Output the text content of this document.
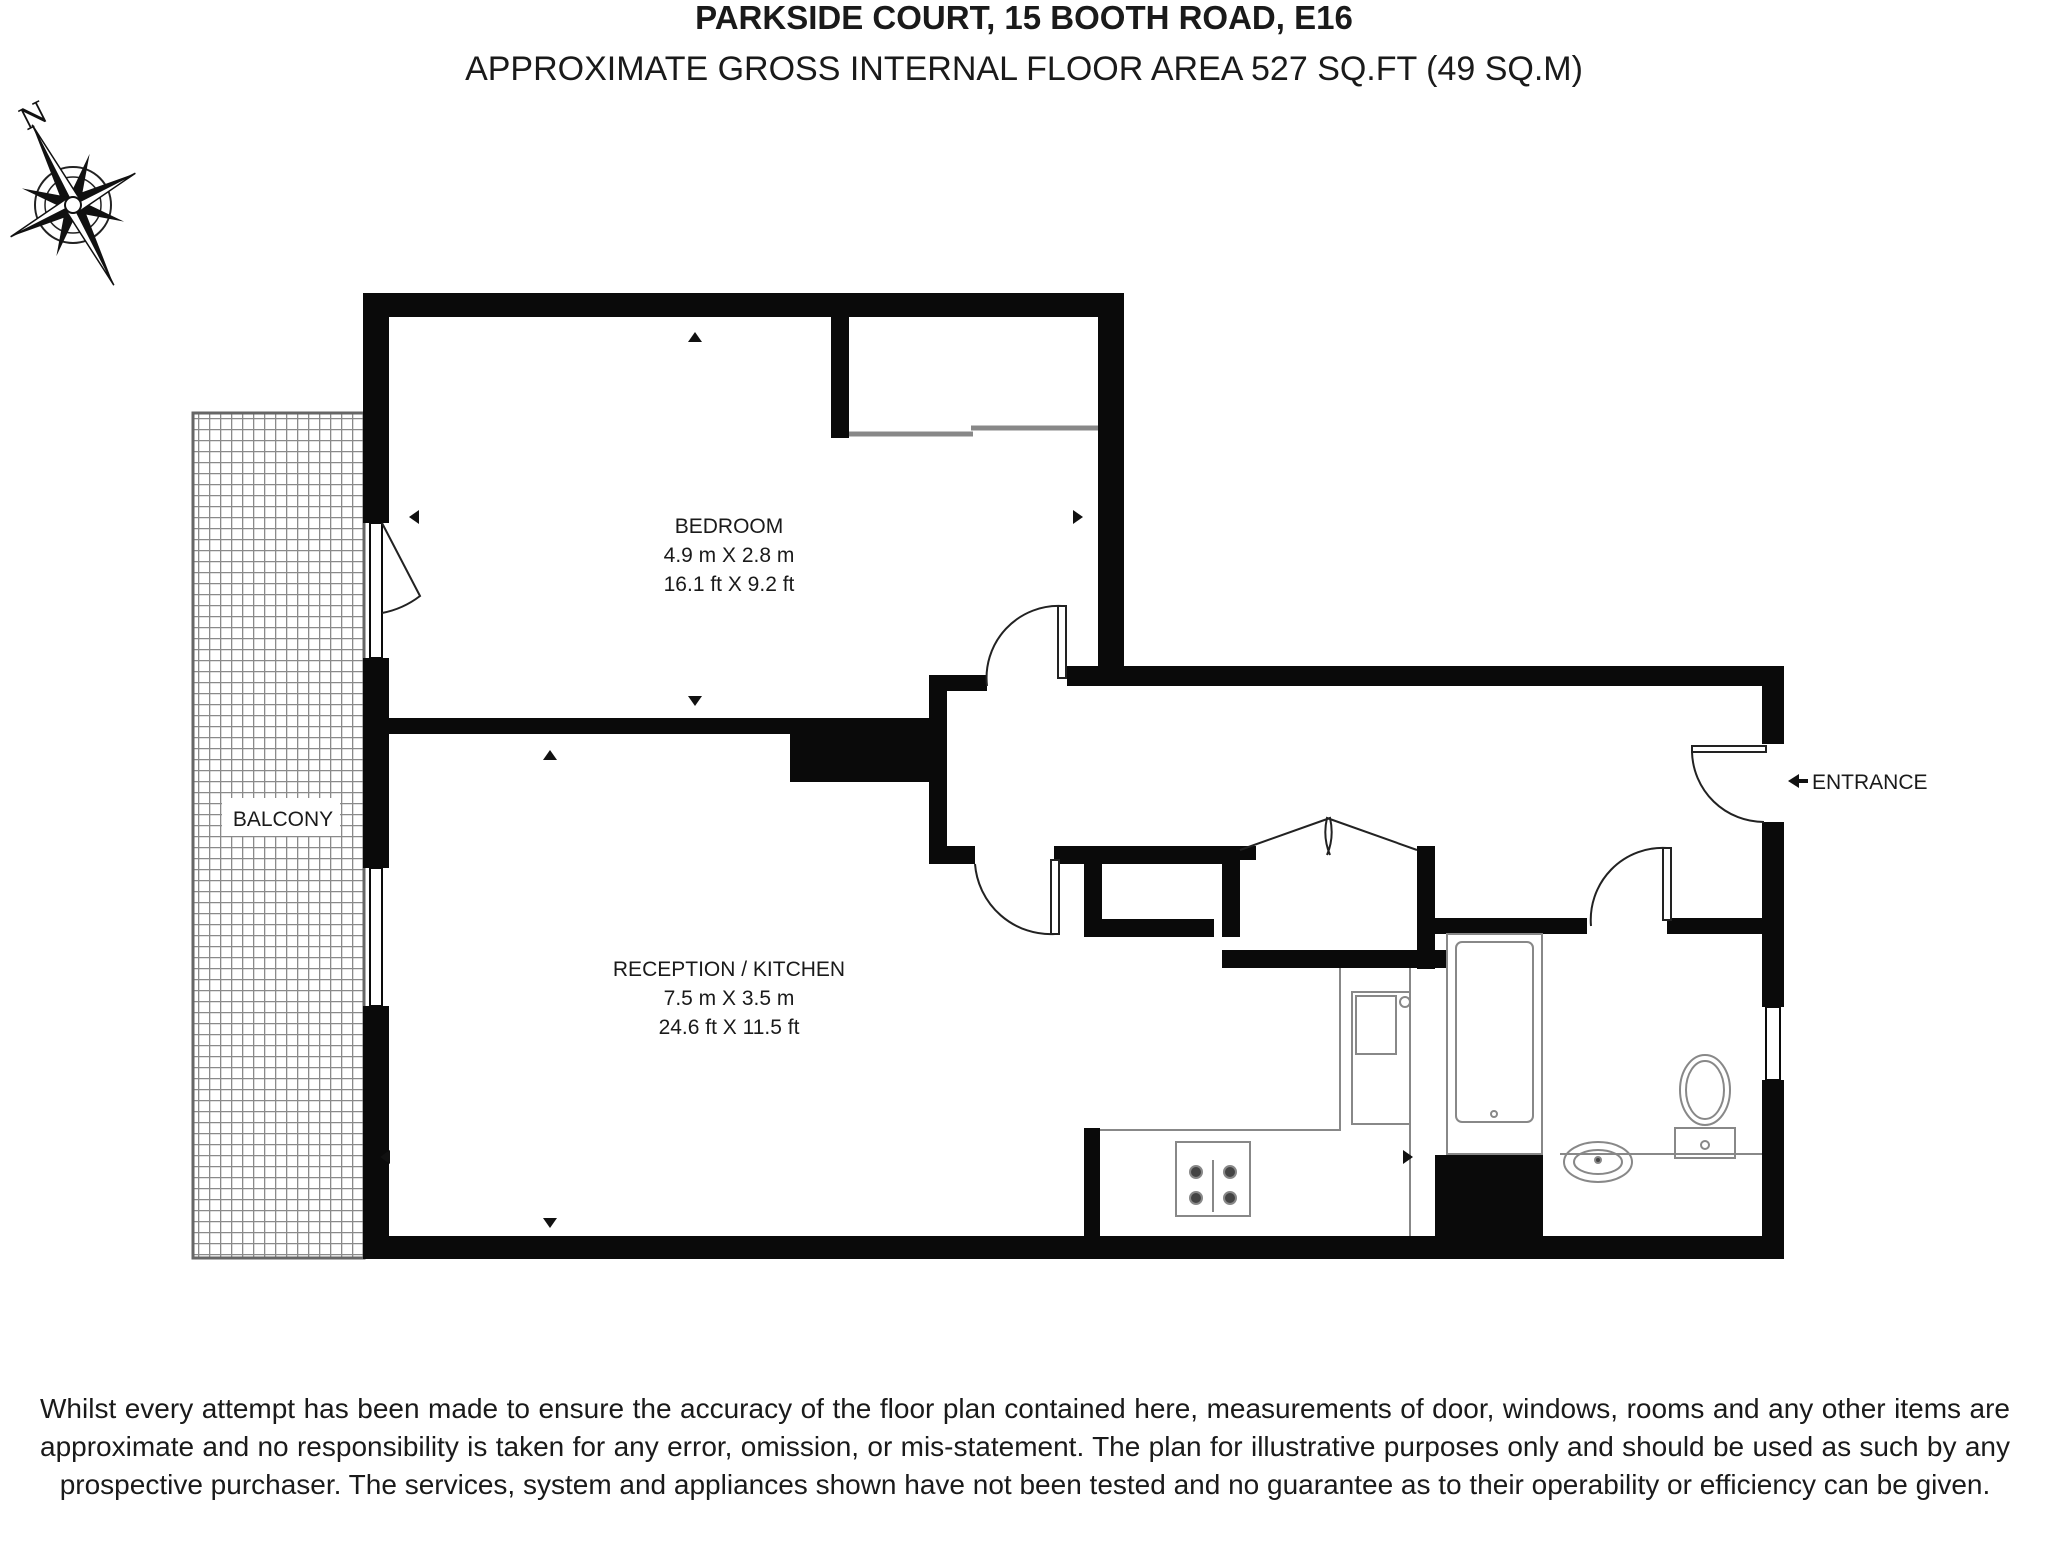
PARKSIDE COURT, 15 BOOTH ROAD, E16
APPROXIMATE GROSS INTERNAL FLOOR AREA 527 SQ.FT (49 SQ.M)
N
BALCONY
BEDROOM
4.9 m X 2.8 m
16.1 ft X 9.2 ft
RECEPTION / KITCHEN
7.5 m X 3.5 m
24.6 ft X 11.5 ft
ENTRANCE
Whilst every attempt has been made to ensure the accuracy of the floor plan contained here, measurements of door, windows, rooms and any other items are approximate and no responsibility is taken for any error, omission, or mis-statement. The plan for illustrative purposes only and should be used as such by any prospective purchaser. The services, system and appliances shown have not been tested and no guarantee as to their operability or efficiency can be given.
